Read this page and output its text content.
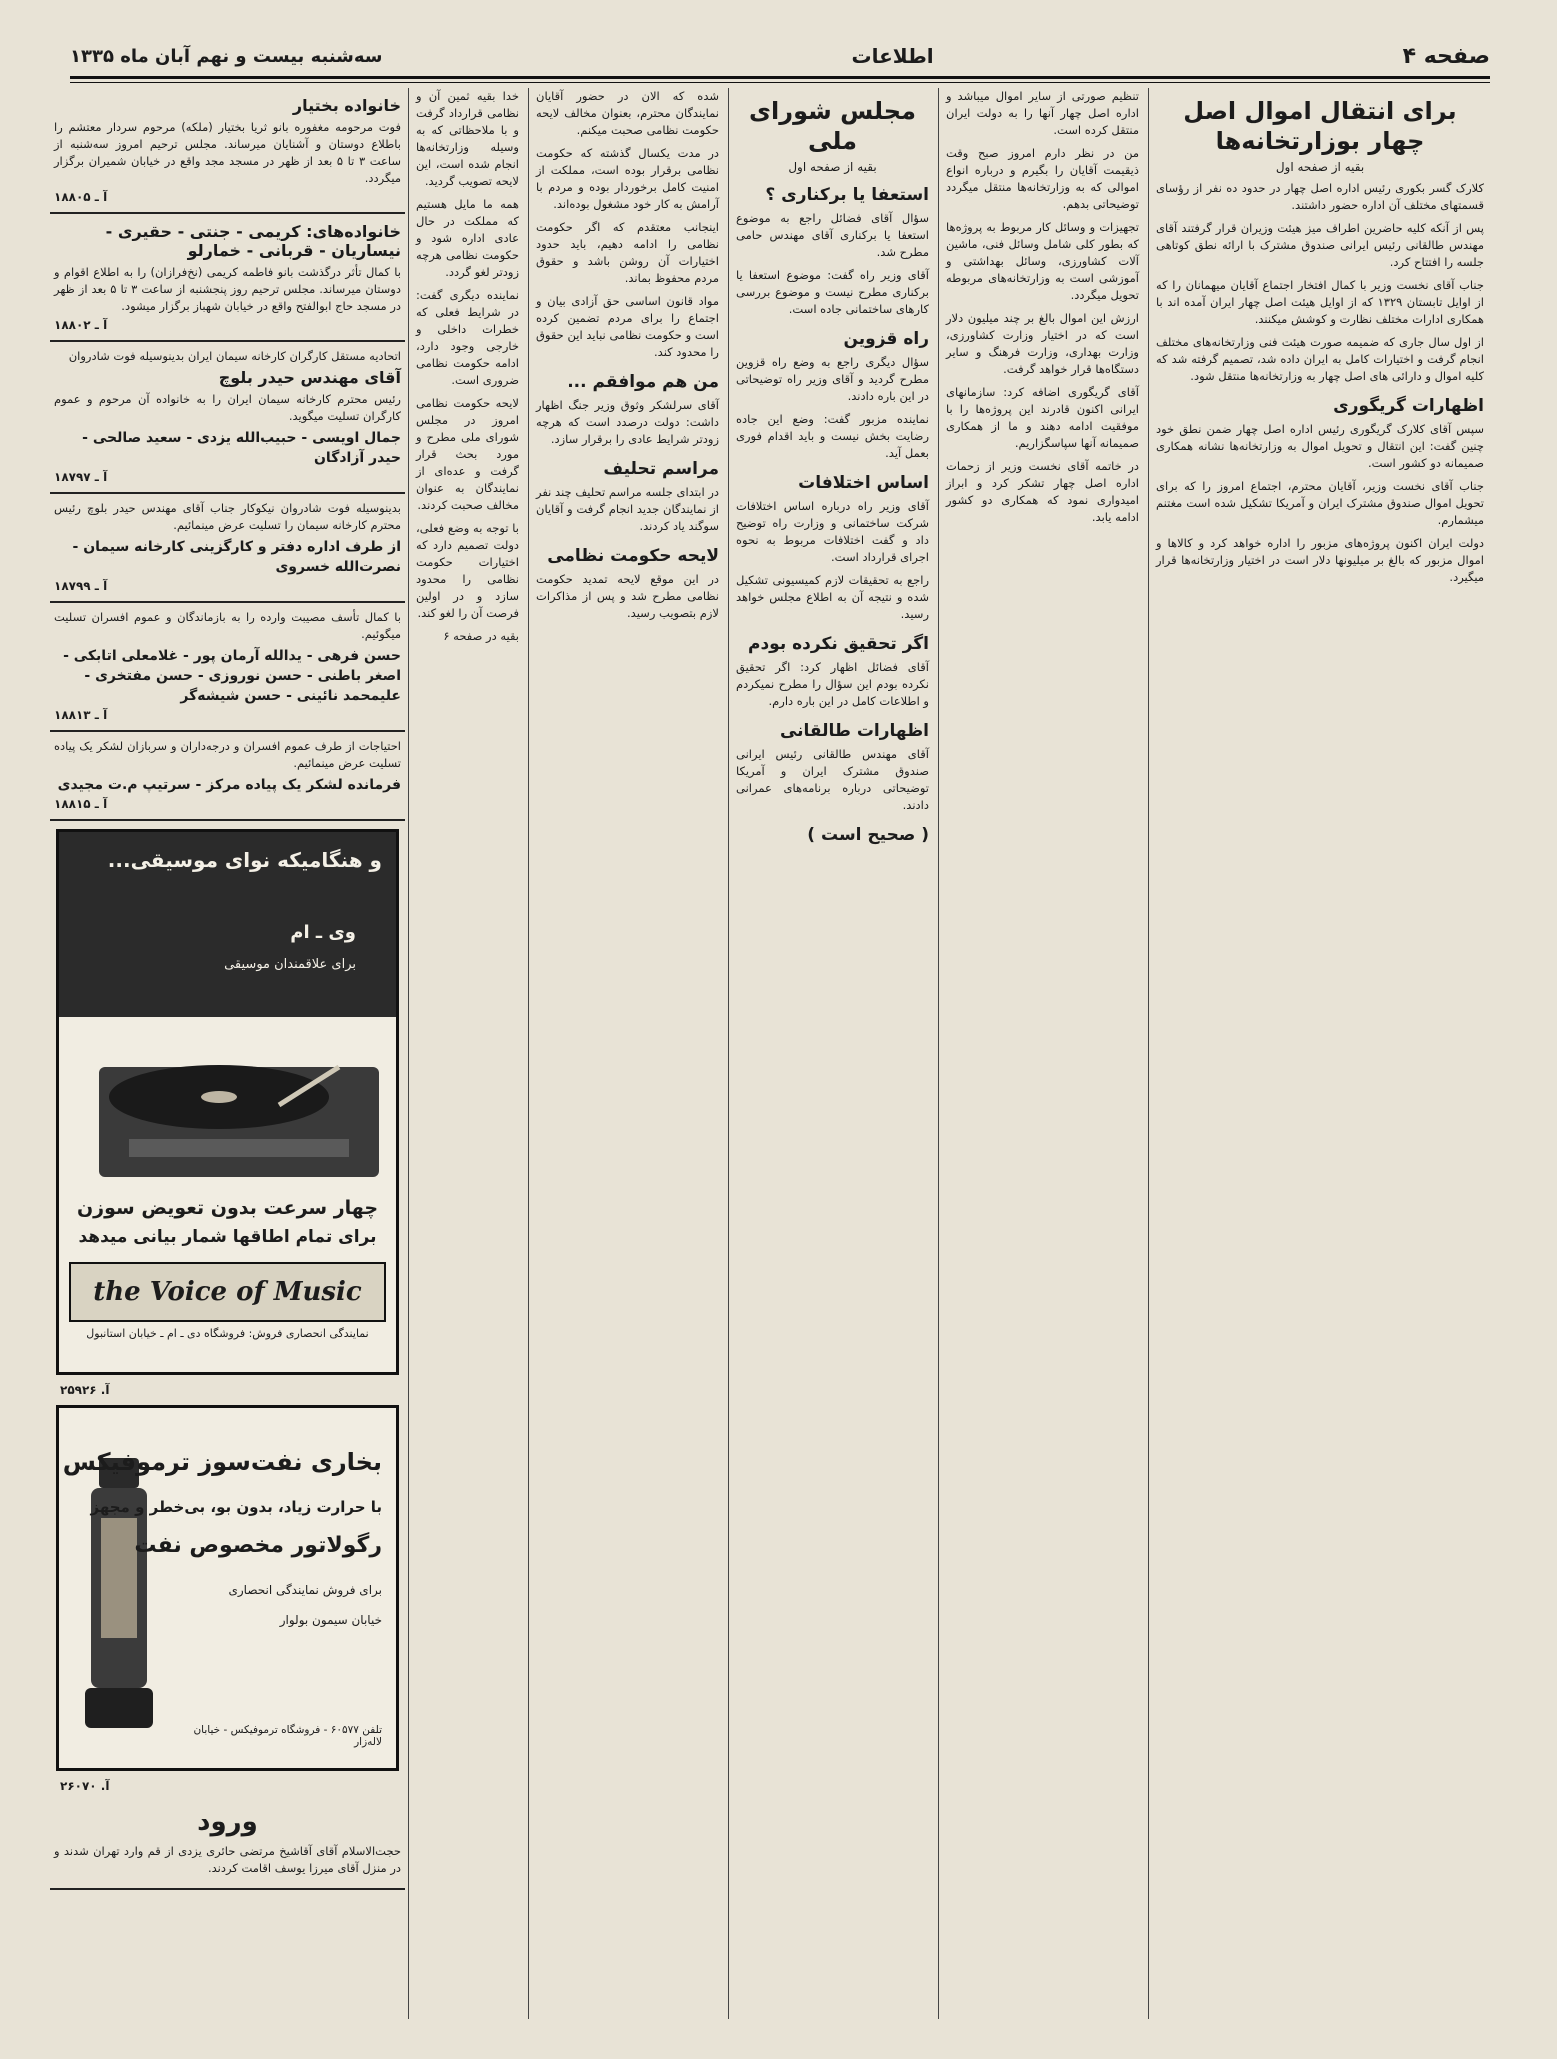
صفحه ۴
اطلاعات
سه‌شنبه بیست و نهم آبان ماه ۱۳۳۵
برای انتقال اموال اصل چهار بوزارتخانه‌ها
بقیه از صفحه اول

کلارک گسر بکوری رئیس اداره اصل چهار در حدود ده نفر از رؤسای قسمتهای مختلف آن اداره حضور داشتند.

پس از آنکه کلیه حاضرین اطراف میز هیئت وزیران قرار گرفتند آقای مهندس طالقانی رئیس ایرانی صندوق مشترک با ارائه نطق کوتاهی جلسه را افتتاح کرد.

جناب آقای نخست وزیر با کمال افتخار اجتماع آقایان میهمانان را که از اوایل تابستان ۱۳۲۹ که از اوایل هیئت اصل چهار ایران آمده اند با همکاری ادارات مختلف نظارت و کوشش میکنند.

از اول سال جاری که ضمیمه صورت هیئت فنی وزارتخانه‌های مختلف انجام گرفت و اختیارات کامل به ایران داده شد، تصمیم گرفته شد که کلیه اموال و دارائی های اصل چهار به وزارتخانه‌ها منتقل شود.

اظهارات گریگوری

سپس آقای کلارک گریگوری رئیس اداره اصل چهار ضمن نطق خود چنین گفت: این انتقال و تحویل اموال به وزارتخانه‌ها نشانه همکاری صمیمانه دو کشور است.

جناب آقای نخست وزیر، آقایان محترم، اجتماع امروز را که برای تحویل اموال صندوق مشترک ایران و آمریکا تشکیل شده است مغتنم میشمارم.

دولت ایران اکنون پروژه‌های مزبور را اداره خواهد کرد و کالاها و اموال مزبور که بالغ بر میلیونها دلار است در اختیار وزارتخانه‌ها قرار میگیرد.

تنظیم صورتی از سایر اموال میباشد و اداره اصل چهار آنها را به دولت ایران منتقل کرده است.

من در نظر دارم امروز صبح وقت ذیقیمت آقایان را بگیرم و درباره انواع اموالی که به وزارتخانه‌ها منتقل میگردد توضیحاتی بدهم.

تجهیزات و وسائل کار مربوط به پروژه‌ها که بطور کلی شامل وسائل فنی، ماشین آلات کشاورزی، وسائل بهداشتی و آموزشی است به وزارتخانه‌های مربوطه تحویل میگردد.

ارزش این اموال بالغ بر چند میلیون دلار است که در اختیار وزارت کشاورزی، وزارت بهداری، وزارت فرهنگ و سایر دستگاه‌ها قرار خواهد گرفت.

آقای گریگوری اضافه کرد: سازمانهای ایرانی اکنون قادرند این پروژه‌ها را با موفقیت ادامه دهند و ما از همکاری صمیمانه آنها سپاسگزاریم.

در خاتمه آقای نخست وزیر از زحمات اداره اصل چهار تشکر کرد و ابراز امیدواری نمود که همکاری دو کشور ادامه یابد.

مجلس شورای ملی
بقیه از صفحه اول
استعفا یا برکناری ؟

سؤال آقای فضائل راجع به موضوع استعفا یا برکناری آقای مهندس حامی مطرح شد.

آقای وزیر راه گفت: موضوع استعفا یا برکناری مطرح نیست و موضوع بررسی کارهای ساختمانی جاده است.

راه قزوین

سؤال دیگری راجع به وضع راه قزوین مطرح گردید و آقای وزیر راه توضیحاتی در این باره دادند.

نماینده مزبور گفت: وضع این جاده رضایت بخش نیست و باید اقدام فوری بعمل آید.

اساس اختلافات

آقای وزیر راه درباره اساس اختلافات شرکت ساختمانی و وزارت راه توضیح داد و گفت اختلافات مربوط به نحوه اجرای قرارداد است.

راجع به تحقیقات لازم کمیسیونی تشکیل شده و نتیجه آن به اطلاع مجلس خواهد رسید.

اگر تحقیق نکرده بودم

آقای فضائل اظهار کرد: اگر تحقیق نکرده بودم این سؤال را مطرح نمیکردم و اطلاعات کامل در این باره دارم.

اظهارات طالقانی

آقای مهندس طالقانی رئیس ایرانی صندوق مشترک ایران و آمریکا توضیحاتی درباره برنامه‌های عمرانی دادند.

( صحیح است )

شده که الان در حضور آقایان نمایندگان محترم، بعنوان مخالف لایحه حکومت نظامی صحبت میکنم.

در مدت یکسال گذشته که حکومت نظامی برقرار بوده است، مملکت از امنیت کامل برخوردار بوده و مردم با آرامش به کار خود مشغول بوده‌اند.

اینجانب معتقدم که اگر حکومت نظامی را ادامه دهیم، باید حدود اختیارات آن روشن باشد و حقوق مردم محفوظ بماند.

مواد قانون اساسی حق آزادی بیان و اجتماع را برای مردم تضمین کرده است و حکومت نظامی نباید این حقوق را محدود کند.

من هم موافقم ...

آقای سرلشکر وثوق وزیر جنگ اظهار داشت: دولت درصدد است که هرچه زودتر شرایط عادی را برقرار سازد.

مراسم تحلیف

در ابتدای جلسه مراسم تحلیف چند نفر از نمایندگان جدید انجام گرفت و آقایان سوگند یاد کردند.

لایحه حکومت نظامی

در این موقع لایحه تمدید حکومت نظامی مطرح شد و پس از مذاکرات لازم بتصویب رسید.

خدا بقیه ثمین آن و نظامی قرارداد گرفت و با ملاحظاتی که به وسیله وزارتخانه‌ها انجام شده است، این لایحه تصویب گردید.

همه ما مایل هستیم که مملکت در حال عادی اداره شود و حکومت نظامی هرچه زودتر لغو گردد.

نماینده دیگری گفت: در شرایط فعلی که خطرات داخلی و خارجی وجود دارد، ادامه حکومت نظامی ضروری است.

لایحه حکومت نظامی امروز در مجلس شورای ملی مطرح و مورد بحث قرار گرفت و عده‌ای از نمایندگان به عنوان مخالف صحبت کردند.

با توجه به وضع فعلی، دولت تصمیم دارد که اختیارات حکومت نظامی را محدود سازد و در اولین فرصت آن را لغو کند.

بقیه در صفحه ۶

خانواده بختیار

فوت مرحومه مغفوره بانو ثریا بختیار (ملکه) مرحوم سردار معتشم را باطلاع دوستان و آشنایان میرساند. مجلس ترحیم امروز سه‌شنبه از ساعت ۳ تا ۵ بعد از ظهر در مسجد مجد واقع در خیابان شمیران برگزار میگردد.

آ ـ ۱۸۸۰۵
خانواده‌های: کریمی - جنتی - حقیری - نیساریان - قربانی - خمارلو

با کمال تأثر درگذشت بانو فاطمه کریمی (نخ‌فرازان) را به اطلاع اقوام و دوستان میرساند. مجلس ترحیم روز پنجشنبه از ساعت ۳ تا ۵ بعد از ظهر در مسجد حاج ابوالفتح واقع در خیابان شهباز برگزار میشود.

آ ـ ۱۸۸۰۲

اتحادیه مستقل کارگران کارخانه سیمان ایران بدینوسیله فوت شادروان

آقای مهندس حیدر بلوچ

رئیس محترم کارخانه سیمان ایران را به خانواده آن مرحوم و عموم کارگران تسلیت میگوید.

جمال اویسی - حبیب‌الله یزدی - سعید صالحی - حیدر آزادگان
آ ـ ۱۸۷۹۷

بدینوسیله فوت شادروان نیکوکار جناب آقای مهندس حیدر بلوچ رئیس محترم کارخانه سیمان را تسلیت عرض مینمائیم.

از طرف اداره دفتر و کارگزینی کارخانه سیمان - نصرت‌الله خسروی
آ ـ ۱۸۷۹۹

با کمال تأسف مصیبت وارده را به بازماندگان و عموم افسران تسلیت میگوئیم.

حسن فرهی - یدالله آرمان پور - غلامعلی اتابکی - اصغر باطنی - حسن نوروزی - حسن مفتخری - علیمحمد نائینی - حسن شیشه‌گر
آ ـ ۱۸۸۱۳

احتیاجات از طرف عموم افسران و درجه‌داران و سربازان لشکر یک پیاده تسلیت عرض مینمائیم.

فرمانده لشکر یک پیاده مرکز - سرتیپ م.ت مجیدی
آ ـ ۱۸۸۱۵
و هنگامیکه نوای موسیقی...
وی ـ ام
برای علاقمندان موسیقی
چهار سرعت بدون تعویض سوزن
برای تمام اطاقها شمار بیانی میدهد
the Voice of Music
نمایندگی انحصاری فروش: فروشگاه دی ـ ام ـ خیابان استانبول
آ. ۲۵۹۲۶
بخاری نفت‌سوز ترموفیکس
با حرارت زیاد، بدون بو، بی‌خطر و مجهز
رگولاتور مخصوص نفت
برای فروش نمایندگی انحصاری
خیابان سیمون بولوار
تلفن ۶۰۵۷۷ - فروشگاه ترموفیکس - خیابان لاله‌زار
آ. ۲۶۰۷۰
ورود

حجت‌الاسلام آقای آقاشیخ مرتضی حائری یزدی از قم وارد تهران شدند و در منزل آقای میرزا یوسف اقامت کردند.
